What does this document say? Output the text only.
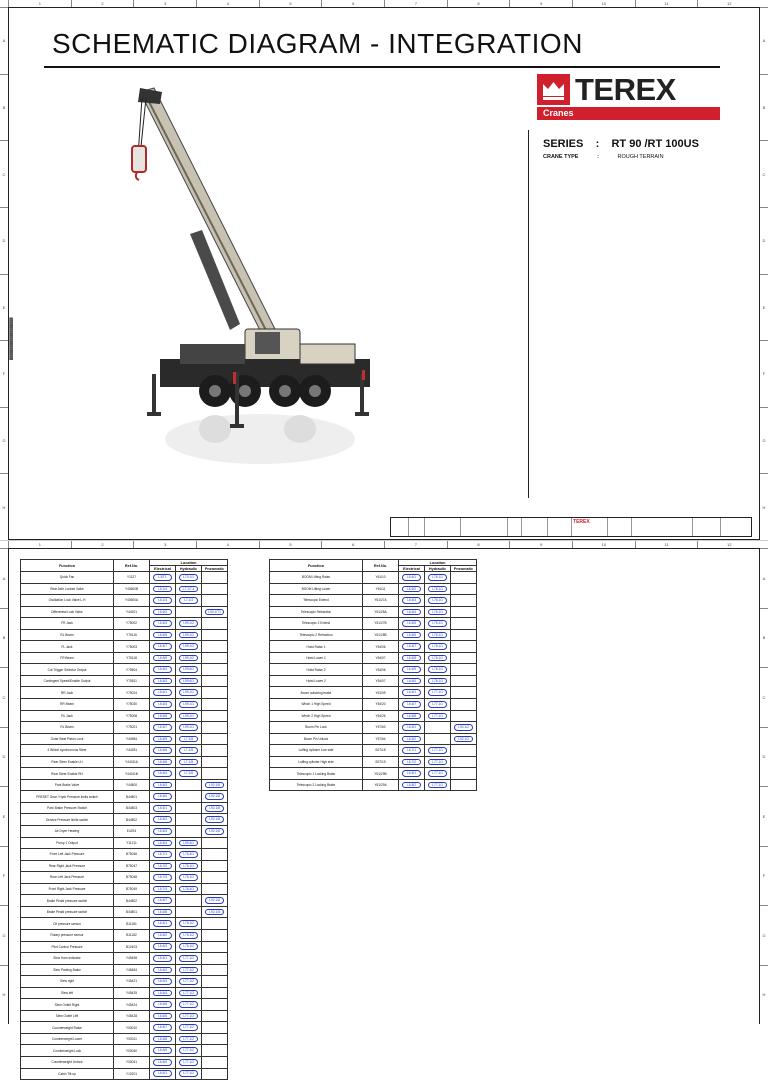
1	2	3	4	5	6	7	8	9	10	11	12
A
B
C
D
E
F
G
H
A
B
C
D
E
F
G
H
SCHEMATIC DIAGRAM - INTEGRATION
████████████████████
TEREX
Cranes
SERIES : RT 90 /RT 100US
CRANE TYPE	:	ROUGH TERRAIN
TEREX
1	2	3	4	5	6	7	8	9	10	11	12
A
B
C
D
E
F
G
H
A
B
C
D
E
F
G
H
Function	Ref.No.	Location		
		Electrical	Hydraulic	Pneumatic
Quick Fan	Y1127	I-3/T1	I-70.1/1	
Rear Axle Locked Valve	Y40600B	I-6.1/4	I-7.1/7.4	
Oscillation Lock Valve L.H	Y40600A	I-6.1/3	I-7.1/3	
Differential Lock Valve	Y44201	I-6.6/2		I-90.1/T1
FR Jack	Y75002	I-6.6/3	I-99.1/2	
RL Beam	Y75116	I-6.6/5	I-99.1/2	
FL Jack	Y75003	I-6.6/7	I-99.1/2	
FR Beam	Y75118	I-6.6/9	I-99.1/2	
Cut Trigger Selector Output	Y75504	I-6.6/4	I-99.6/1	
Contingent Speed/Enable Output	Y75511	I-6.6/2	I-99.6/1	
RR Jack	Y75024	I-6.6/1	I-99.1/1	
RR Beam	Y75030	I-6.6/3	I-99.1/1	
RL Jack	Y75008	I-6.6/5	I-99.1/1	
RL Beam	Y75021	I-6.6/7	I-99.1/1	
Outer Beat Piston Lock	Y44984	I-6.6/9	I-7.1/8	
4 Wheel synchronous Steer	Y44281	I-6.6/6	I-7.1/8	
Rear Steer Enable LH	Y44011A	I-6.6/6	I-7.1/8	
Rear Steer Enable RH	Y44011B	I-6.6/4	I-7.1/8	
Park Brake Valve	Y44800	I-6.6/2		I-92.1/8
PRESET Gear / Hydr Pressure limits switch	B44801	I-6.6/0		I-92.1/8
Park Brake Pressure Switch	B44803	I-6.6/1		I-92.1/8
Service Pressure limits switch	B44802	I-6.6/2		I-92.1/8
Air Dryer Heating	E4294	I-6.6/3		I-92.1/8
Pump 1 Output	Y11211	I-6.6/4	I-99.4/1	
Front Left Jack Pressure	B75046	I-6.7/1	I-76.4/1	
Rear Right Jack Pressure	B75047	I-6.7/2	I-76.1/1	
Rear Left Jack Pressure	B75048	I-6.7/3	I-76.1/1	
Front Right Jack Pressure	B75049	I-6.7/4	I-76.4/1	
Brake Pedal pressure switch	B44802	I-6.6/7		I-92.1/8
Brake Pedal pressure switch	B44801	I-6.6/8		I-92.1/8
Oil pressure sensor	B11181	I-6.6/1	I-76.1/2	
Rotary pressure sensor	B11182	I-6.6/2	I-76.1/2	
Pilot Control Pressure	B12403	I-6.6/3	I-76.1/2	
Slew Hom indicator	Y45498	I-6.6/1	I-77.1/2	
Slew Parking Brake	Y45484	I-6.6/2	I-77.1/2	
Slew right	Y45421	I-6.6/3	I-77.1/2	
Slew left	Y45425	I-6.6/4	I-77.1/2	
Slew Outlet Right	Y45424	I-6.6/5	I-77.1/2	
Slew Outlet Left	Y45428	I-6.6/6	I-77.1/2	
Counterweight Raise	Y00010	I-6.6/7	I-77.1/2	
Counterweight Lower	Y00011	I-6.6/8	I-77.1/2	
Counterweight Lock	Y00040	I-6.6/9	I-77.1/2	
Counterweight Unlock	Y00041	I-6.6/0	I-77.1/2	
Cabin Tilt up	Y10201	I-6.6/1	I-77.1/2	
Function	Ref.No.	Location		
		Electrical	Hydraulic	Pneumatic
BOOM Lifting Raise	Y61/10	I-6.6/1	I-76.1/1	
BOOM Lifting Lower	Y61/11	I-6.6/2	I-76.1/1	
Telescopic Extend	Y61/27A	I-6.6/3	I-76.1/1	
Telescopic Retraction	Y61/28A	I-6.6/4	I-76.1/1	
Telescopic 2 Extend	Y61/27B	I-6.6/5	I-76.1/1	
Telescopic 2 Retraction	Y61/28B	I-6.6/6	I-76.1/1	
Hoist Raise 1	Y54/06	I-6.6/7	I-76.1/1	
Hoist Lower 1	Y54/07	I-6.6/8	I-76.1/1	
Hoist Raise 2	Y54/06	I-6.6/9	I-76.1/1	
Hoist Lower 2	Y54/07	I-6.6/0	I-76.1/1	
Boom outswing brake	Y61/09	I-6.6/1	I-77.1/1	
Winch 1 High Speed	Y54/20	I-6.6/7	I-77.1/1	
Winch 2 High Speed	Y54/26	I-6.6/8	I-77.1/1	
Boom Pin Lock	Y57/63	I-6.6/1		I-92.1/2
Boom Pin Unlock	Y57/64	I-6.6/2		I-92.1/2
Luffing cylinder Low side	B27/18	I-6.7/1	I-77.1/1	
Luffing cylinder High side	B27/19	I-6.7/2	I-77.1/1	
Telescopic 1 Locking Brake	Y61/29B	I-6.8/1	I-77.1/1	
Telescopic 2 Locking Brake	Y61/29A	I-6.8/2	I-77.1/1	
